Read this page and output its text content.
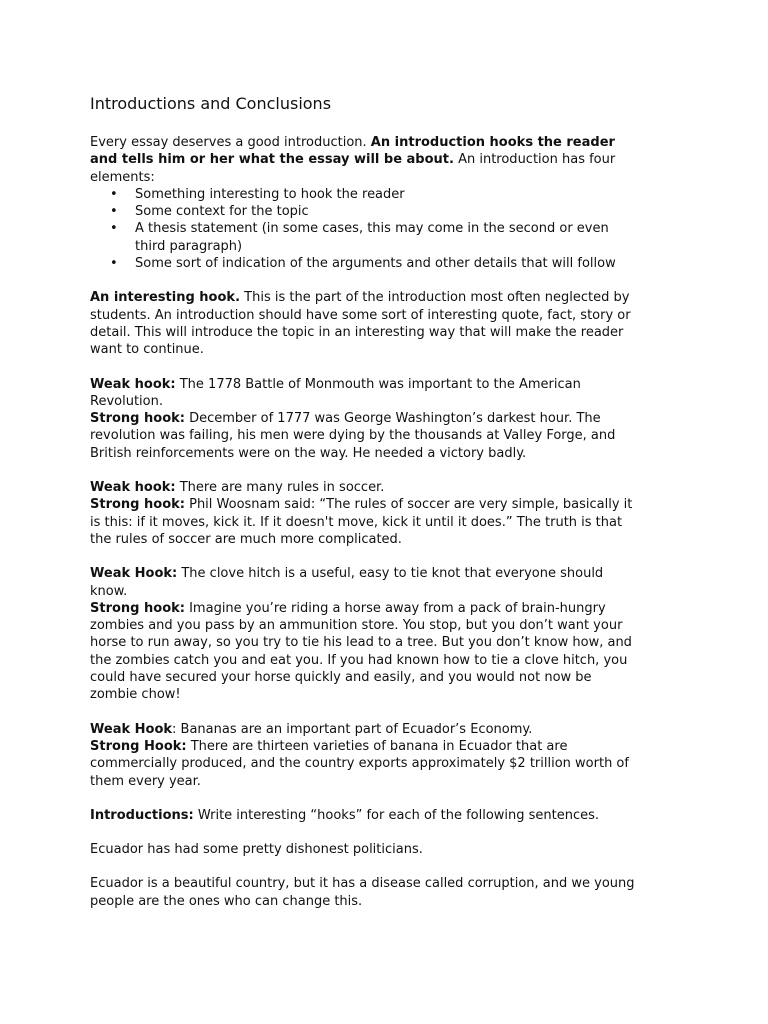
Introductions and Conclusions
Every essay deserves a good introduction. An introduction hooks the reader
and tells him or her what the essay will be about. An introduction has four
elements:
• Something interesting to hook the reader
• Some context for the topic
• A thesis statement (in some cases, this may come in the second or even
third paragraph)
• Some sort of indication of the arguments and other details that will follow
An interesting hook. This is the part of the introduction most often neglected by
students. An introduction should have some sort of interesting quote, fact, story or
detail. This will introduce the topic in an interesting way that will make the reader
want to continue.
Weak hook: The 1778 Battle of Monmouth was important to the American
Revolution.
Strong hook: December of 1777 was George Washington’s darkest hour. The
revolution was failing, his men were dying by the thousands at Valley Forge, and
British reinforcements were on the way. He needed a victory badly.
Weak hook: There are many rules in soccer.
Strong hook: Phil Woosnam said: “The rules of soccer are very simple, basically it
is this: if it moves, kick it. If it doesn't move, kick it until it does.” The truth is that
the rules of soccer are much more complicated.
Weak Hook: The clove hitch is a useful, easy to tie knot that everyone should
know.
Strong hook: Imagine you’re riding a horse away from a pack of brain-hungry
zombies and you pass by an ammunition store. You stop, but you don’t want your
horse to run away, so you try to tie his lead to a tree. But you don’t know how, and
the zombies catch you and eat you. If you had known how to tie a clove hitch, you
could have secured your horse quickly and easily, and you would not now be
zombie chow!
Weak Hook: Bananas are an important part of Ecuador’s Economy.
Strong Hook: There are thirteen varieties of banana in Ecuador that are
commercially produced, and the country exports approximately $2 trillion worth of
them every year.
Introductions: Write interesting “hooks” for each of the following sentences.
Ecuador has had some pretty dishonest politicians.
Ecuador is a beautiful country, but it has a disease called corruption, and we young
people are the ones who can change this.
